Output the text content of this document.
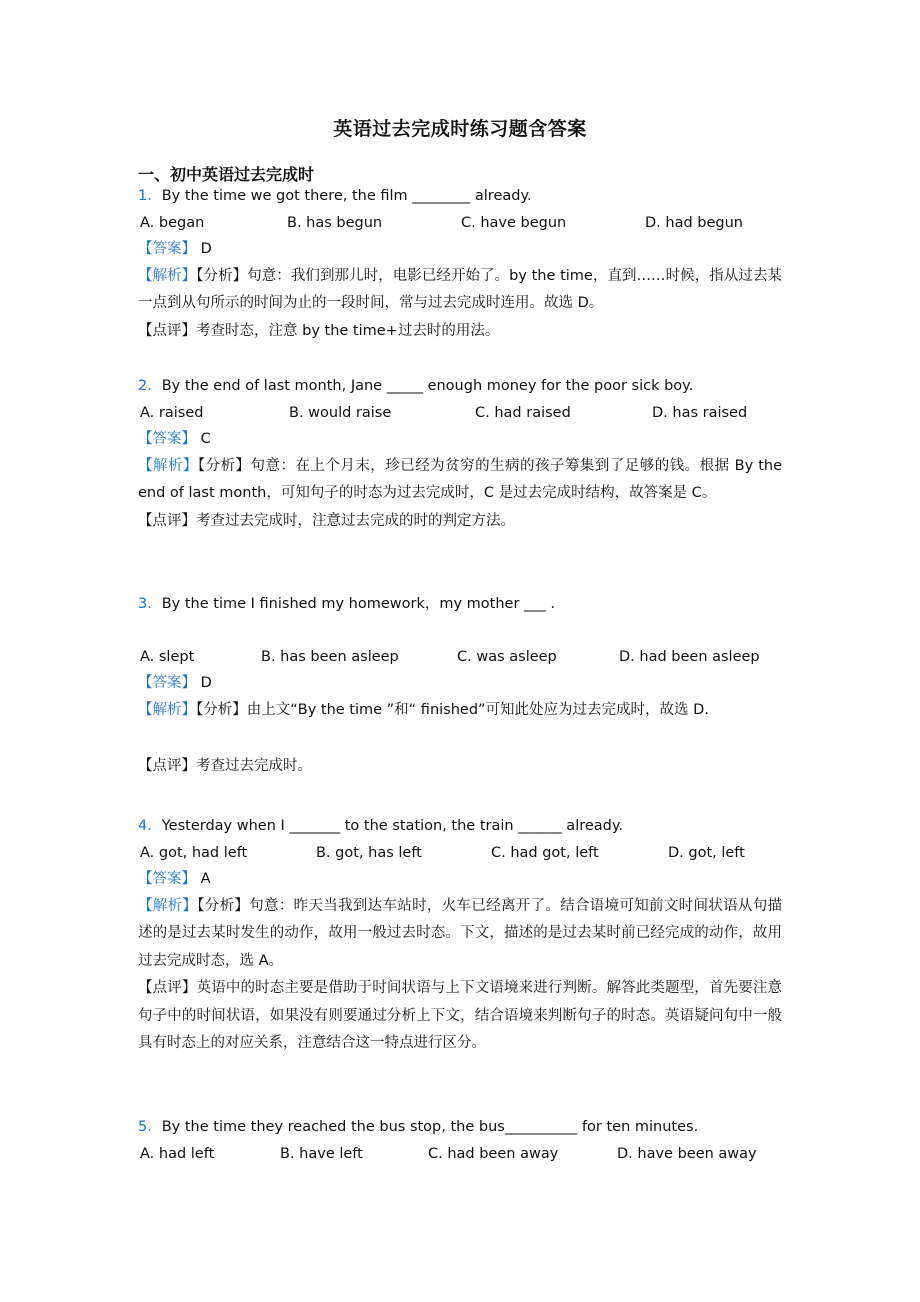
英语过去完成时练习题含答案
一、初中英语过去完成时
1．By the time we got there, the film ________ already.
A. began	B. has begun	C. have begun	D. had begun
【答案】 D
【解析】【分析】句意：我们到那儿时，电影已经开始了。by the time，直到……时候，指从过去某一点到从句所示的时间为止的一段时间，常与过去完成时连用。故选 D。
【点评】考查时态，注意 by the time+过去时的用法。
2．By the end of last month, Jane _____ enough money for the poor sick boy.
A. raised	B. would raise	C. had raised	D. has raised
【答案】 C
【解析】【分析】句意：在上个月末，珍已经为贫穷的生病的孩子筹集到了足够的钱。根据 By the end of last month，可知句子的时态为过去完成时，C 是过去完成时结构，故答案是 C。
【点评】考查过去完成时，注意过去完成的时的判定方法。
3．By the time I finished my homework，my mother ___ .
A. slept	B. has been asleep	C. was asleep	D. had been asleep
【答案】 D
【解析】【分析】由上文“By the time ”和“ finished”可知此处应为过去完成时，故选 D.
【点评】考查过去完成时。
4．Yesterday when I _______ to the station, the train ______ already.
A. got, had left	B. got, has left	C. had got, left	D. got, left
【答案】 A
【解析】【分析】句意：昨天当我到达车站时，火车已经离开了。结合语境可知前文时间状语从句描述的是过去某时发生的动作，故用一般过去时态。下文，描述的是过去某时前已经完成的动作，故用过去完成时态，选 A。
【点评】英语中的时态主要是借助于时间状语与上下文语境来进行判断。解答此类题型，首先要注意句子中的时间状语，如果没有则要通过分析上下文，结合语境来判断句子的时态。英语疑问句中一般具有时态上的对应关系，注意结合这一特点进行区分。
5．By the time they reached the bus stop, the bus__________ for ten minutes.
A. had left	B. have left	C. had been away	D. have been away
